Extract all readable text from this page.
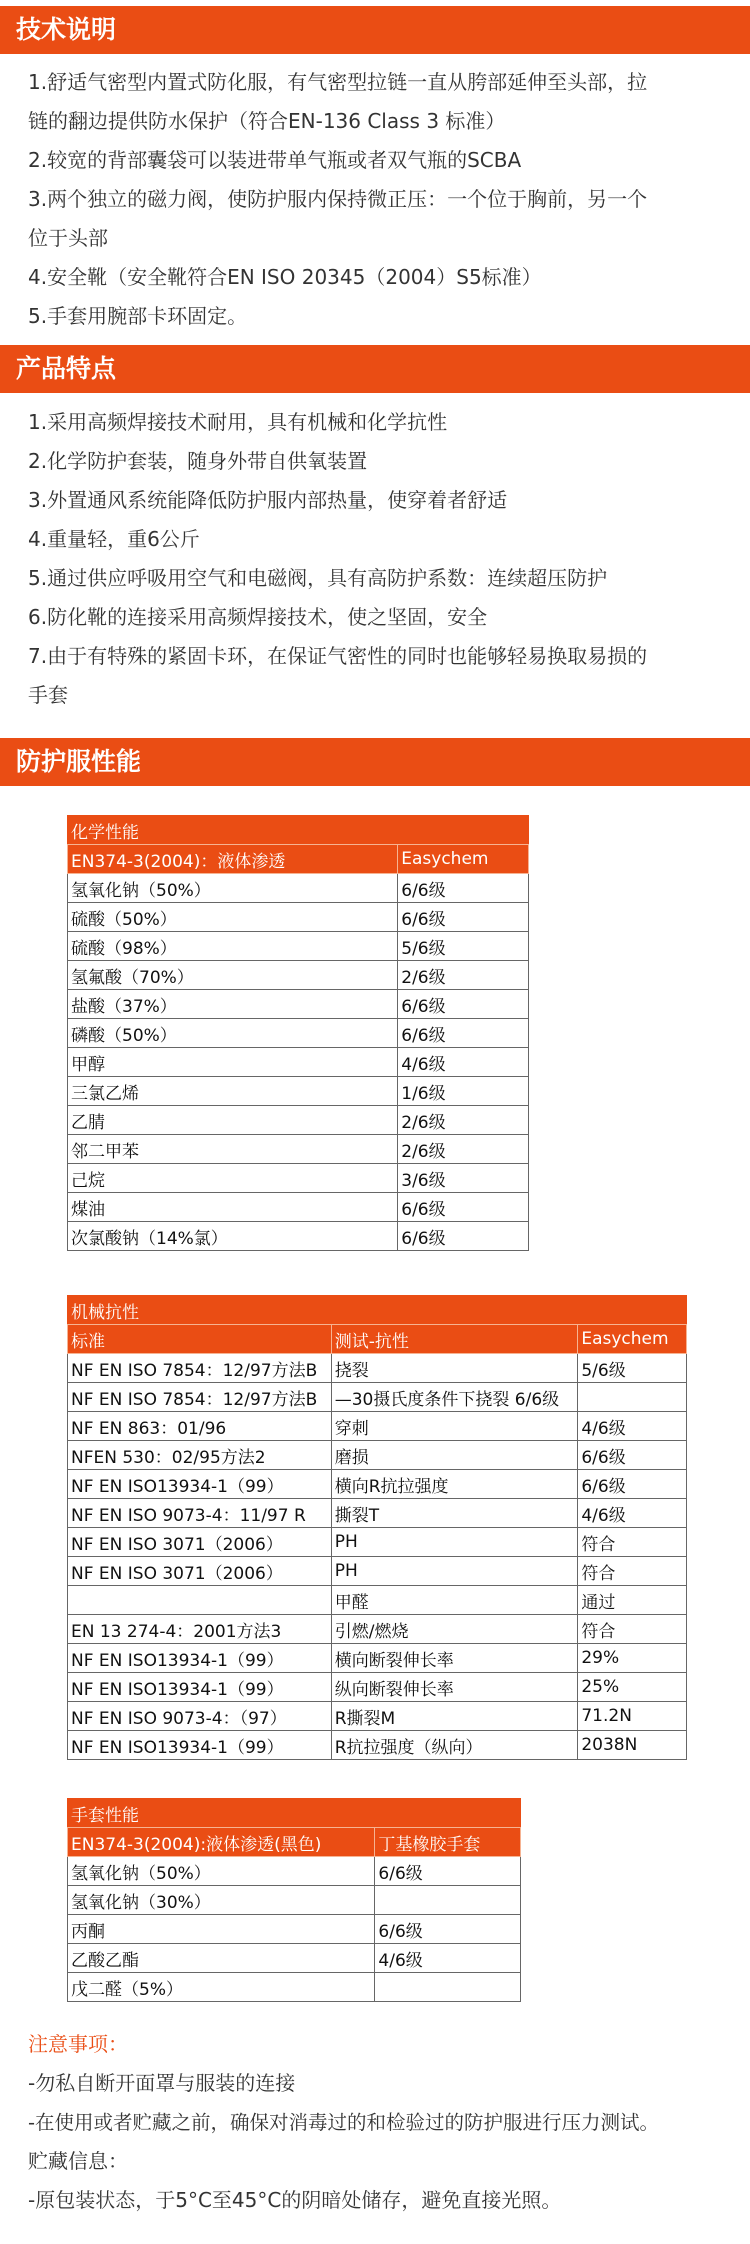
技术说明
1.舒适气密型内置式防化服，有气密型拉链一直从胯部延伸至头部，拉
链的翻边提供防水保护（符合EN-136 Class 3 标准）
2.较宽的背部囊袋可以装进带单气瓶或者双气瓶的SCBA
3.两个独立的磁力阀，使防护服内保持微正压：一个位于胸前，另一个
位于头部
4.安全靴（安全靴符合EN ISO 20345（2004）S5标准）
5.手套用腕部卡环固定。
产品特点
1.采用高频焊接技术耐用，具有机械和化学抗性
2.化学防护套装，随身外带自供氧装置
3.外置通风系统能降低防护服内部热量，使穿着者舒适
4.重量轻，重6公斤
5.通过供应呼吸用空气和电磁阀，具有高防护系数：连续超压防护
6.防化靴的连接采用高频焊接技术，使之坚固，安全
7.由于有特殊的紧固卡环，在保证气密性的同时也能够轻易换取易损的
手套
防护服性能
化学性能	
EN374-3(2004)：液体渗透	Easychem
氢氧化钠（50%）	6/6级
硫酸（50%）	6/6级
硫酸（98%）	5/6级
氢氟酸（70%）	2/6级
盐酸（37%）	6/6级
磷酸（50%）	6/6级
甲醇	4/6级
三氯乙烯	1/6级
乙腈	2/6级
邻二甲苯	2/6级
己烷	3/6级
煤油	6/6级
次氯酸钠（14%氯）	6/6级
机械抗性		
标准	测试-抗性	Easychem
NF EN ISO 7854：12/97方法B	挠裂	5/6级
NF EN ISO 7854：12/97方法B	—30摄氏度条件下挠裂 6/6级	
NF EN 863：01/96	穿刺	4/6级
NFEN 530：02/95方法2	磨损	6/6级
NF EN ISO13934-1（99）	横向R抗拉强度	6/6级
NF EN ISO 9073-4：11/97 R	撕裂T	4/6级
NF EN ISO 3071（2006）	PH	符合
NF EN ISO 3071（2006）	PH	符合
	甲醛	通过
EN 13 274-4：2001方法3	引燃/燃烧	符合
NF EN ISO13934-1（99）	横向断裂伸长率	29%
NF EN ISO13934-1（99）	纵向断裂伸长率	25%
NF EN ISO 9073-4：（97）	R撕裂M	71.2N
NF EN ISO13934-1（99）	R抗拉强度（纵向）	2038N
手套性能	
EN374-3(2004):液体渗透(黑色)	丁基橡胶手套
氢氧化钠（50%）	6/6级
氢氧化钠（30%）	
丙酮	6/6级
乙酸乙酯	4/6级
戊二醛（5%）	
注意事项：
-勿私自断开面罩与服装的连接
-在使用或者贮藏之前，确保对消毒过的和检验过的防护服进行压力测试。
贮藏信息：
-原包装状态，于5°C至45°C的阴暗处储存，避免直接光照。
